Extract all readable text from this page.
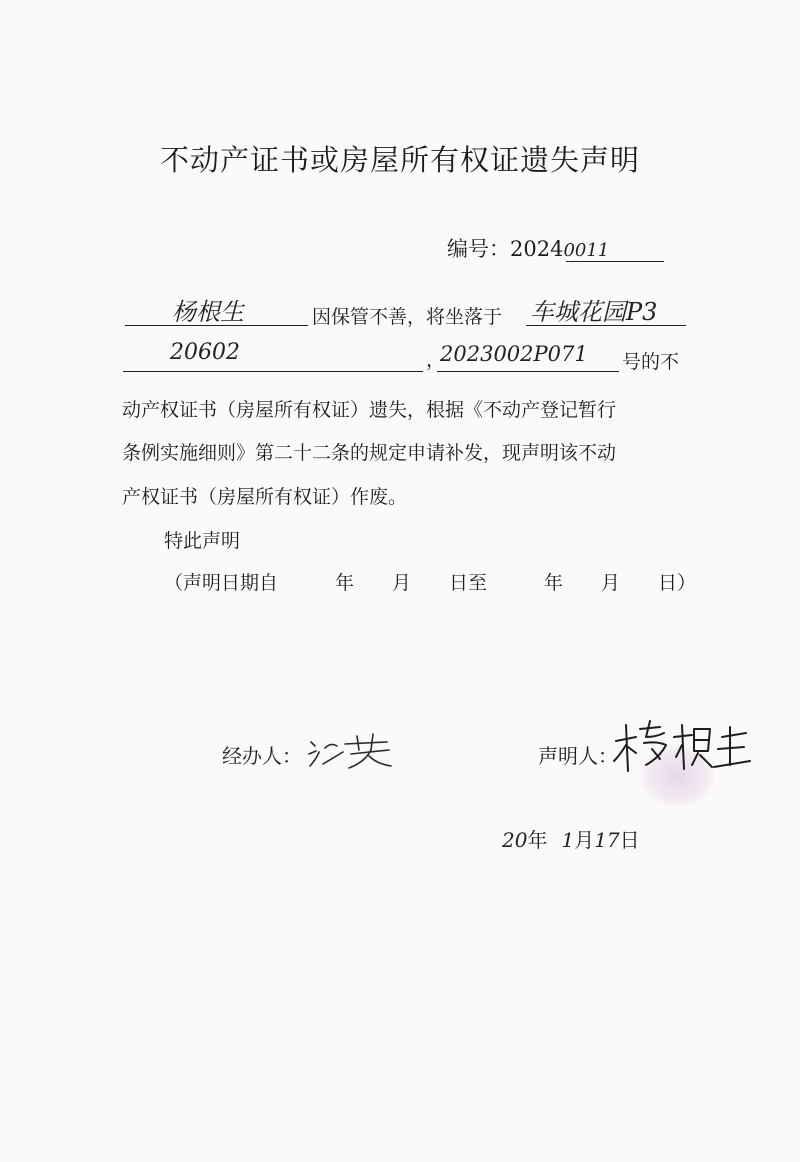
不动产证书或房屋所有权证遗失声明
编号：20240011
杨根生	因保管不善，将坐落于 车城花园P3
20602	，
2023002P071 号的不
动产权证书（房屋所有权证）遗失，根据《不动产登记暂行
条例实施细则》第二十二条的规定申请补发，现声明该不动
产权证书（房屋所有权证）作废。
特此声明
（声明日期自　　　年　　月　　日至　　　年　　月　　日）
经办人：	声明人：
20年 1月17日
